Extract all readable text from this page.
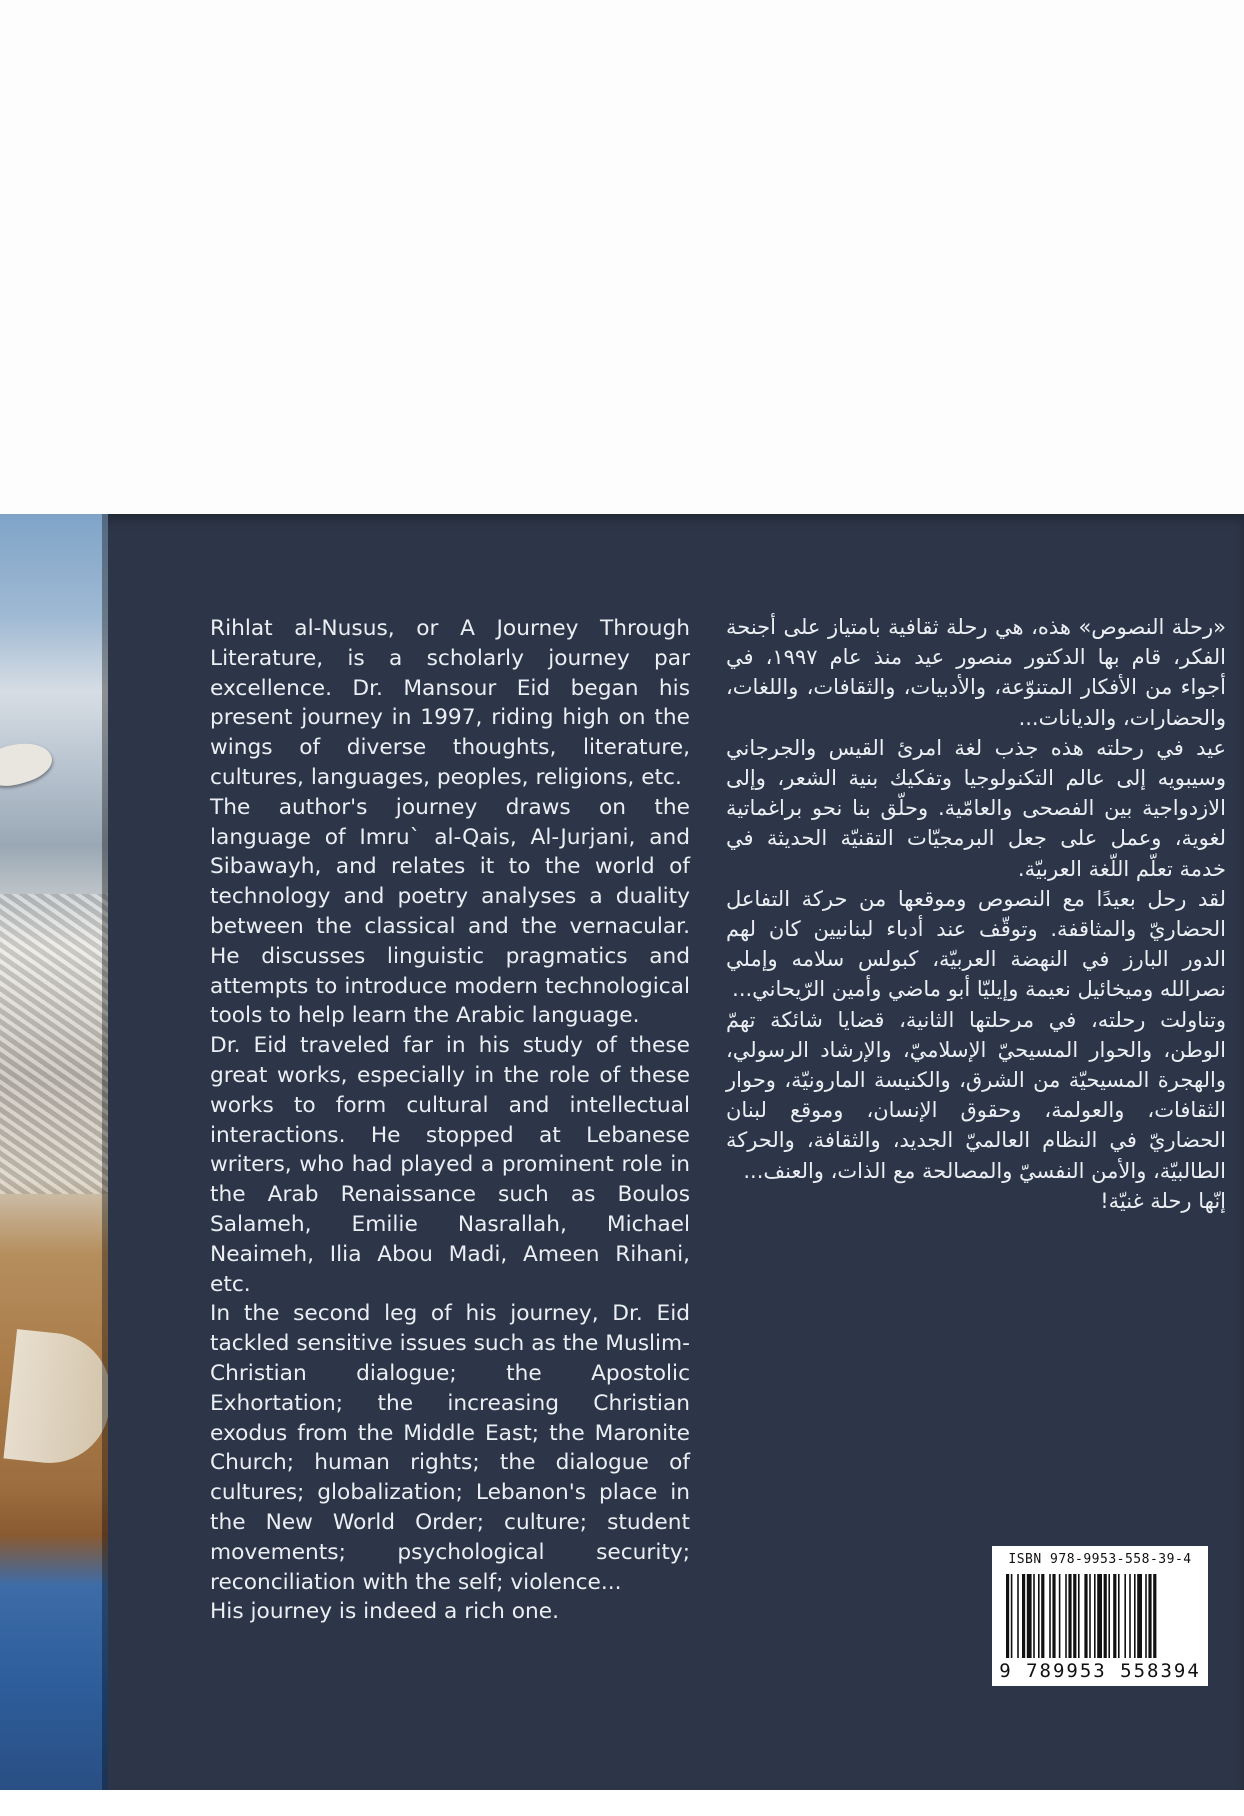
Rihlat al-Nusus, or A Journey Through Literature, is a scholarly journey par excellence. Dr. Mansour Eid began his present journey in 1997, riding high on the wings of diverse thoughts, literature, cultures, languages, peoples, religions, etc.

The author's journey draws on the language of Imru` al-Qais, Al-Jurjani, and Sibawayh, and relates it to the world of technology and poetry analyses a duality between the classical and the vernacular. He discusses linguistic pragmatics and attempts to introduce modern technological tools to help learn the Arabic language.

Dr. Eid traveled far in his study of these great works, especially in the role of these works to form cultural and intellectual interactions. He stopped at Lebanese writers, who had played a prominent role in the Arab Renaissance such as Boulos Salameh, Emilie Nasrallah, Michael Neaimeh, Ilia Abou Madi, Ameen Rihani, etc.

In the second leg of his journey, Dr. Eid tackled sensitive issues such as the Muslim-Christian dialogue; the Apostolic Exhortation; the increasing Christian exodus from the Middle East; the Maronite Church; human rights; the dialogue of cultures; globalization; Lebanon's place in the New World Order; culture; student movements; psychological security; reconciliation with the self; violence...

His journey is indeed a rich one.

«رحلة النصوص» هذه، هي رحلة ثقافية بامتياز على أجنحة الفكر، قام بها الدكتور منصور عيد منذ عام ١٩٩٧، في أجواء من الأفكار المتنوّعة، والأدبيات، والثقافات، واللغات، والحضارات، والديانات...

عيد في رحلته هذه جذب لغة امرئ القيس والجرجاني وسيبويه إلى عالم التكنولوجيا وتفكيك بنية الشعر، وإلى الازدواجية بين الفصحى والعامّية. وحلّق بنا نحو براغماتية لغوية، وعمل على جعل البرمجيّات التقنيّة الحديثة في خدمة تعلّم اللّغة العربيّة.

لقد رحل بعيدًا مع النصوص وموقعها من حركة التفاعل الحضاريّ والمثاقفة. وتوقّف عند أدباء لبنانيين كان لهم الدور البارز في النهضة العربيّة، كبولس سلامه وإملي نصرالله وميخائيل نعيمة وإيليّا أبو ماضي وأمين الرّيحاني...

وتناولت رحلته، في مرحلتها الثانية، قضايا شائكة تهمّ الوطن، والحوار المسيحيّ الإسلاميّ، والإرشاد الرسولي، والهجرة المسيحيّة من الشرق، والكنيسة المارونيّة، وحوار الثقافات، والعولمة، وحقوق الإنسان، وموقع لبنان الحضاريّ في النظام العالميّ الجديد، والثقافة، والحركة الطالبيّة، والأمن النفسيّ والمصالحة مع الذات، والعنف...

إنّها رحلة غنيّة!

ISBN 978-9953-558-39-4
9 789953 558394
